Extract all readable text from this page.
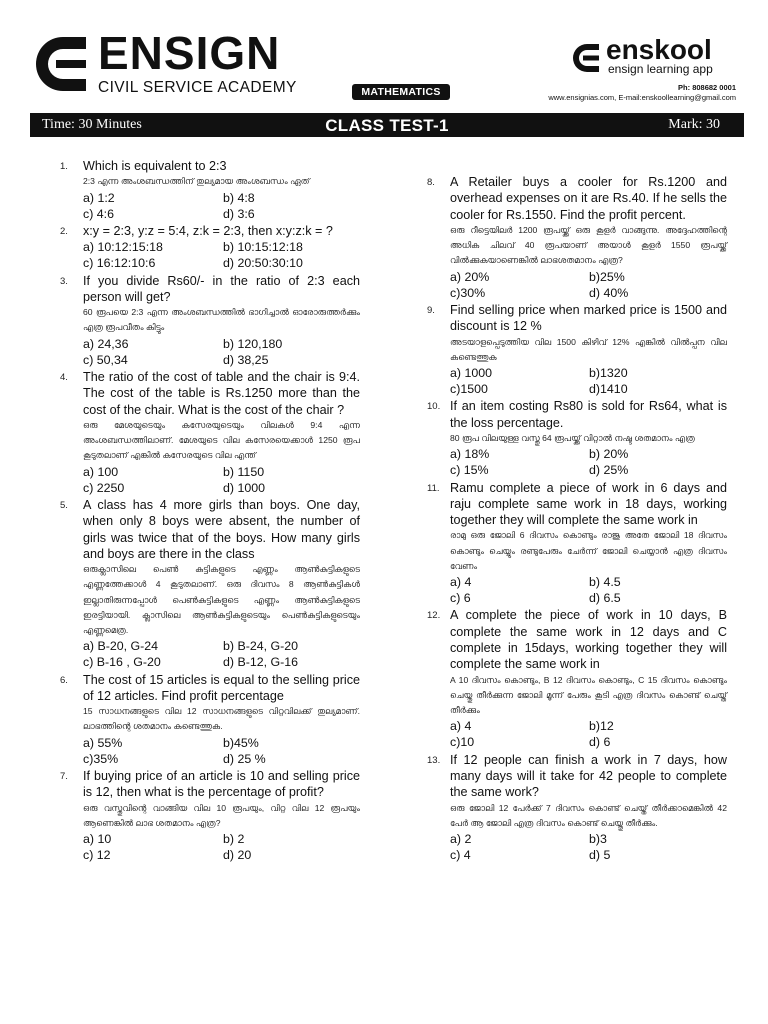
ENSIGN
CIVIL SERVICE ACADEMY	MATHEMATICS
enskool
ensign learning app
Ph: 808682 0001
www.ensignias.com, E-mail:enskoollearning@gmail.com
Time: 30 Minutes	CLASS TEST-1	Mark: 30
1. Which is equivalent to 2:3
2:3 എന്ന അംശബന്ധത്തിന് തുല്യമായ അംശബന്ധം ഏത്
a) 1:2	b) 4:8
c) 4:6	d) 3:6
2. x:y = 2:3, y:z = 5:4, z:k = 2:3, then x:y:z:k = ?
a) 10:12:15:18	b) 10:15:12:18
c) 16:12:10:6	d) 20:50:30:10
3. If you divide Rs60/- in the ratio of 2:3 each person will get?
60 രൂപയെ 2:3 എന്ന അംശബന്ധത്തിൽ ഭാഗിച്ചാൽ ഓരോരുത്തർക്കും എത്ര രൂപവീതം കിട്ടും
a) 24,36	b) 120,180
c) 50,34	d) 38,25
4. The ratio of the cost of table and the chair is 9:4. The cost of the table is Rs.1250 more than the cost of the chair. What is the cost of the chair ?
ഒരു മേശയുടെയും കസേരയുടെയും വിലകൾ 9:4 എന്ന അംശബന്ധത്തിലാണ്. മേശയുടെ വില കസേരയെക്കാൾ 1250 രൂപ കൂടുതലാണ് എങ്കിൽ കസേരയുടെ വില എന്ത്
a) 100	b) 1150
c) 2250	d) 1000
5. A class has 4 more girls than boys. One day, when only 8 boys were absent, the number of girls was twice that of the boys. How many girls and boys are there in the class
ഒരുക്ലാസിലെ പെൺ കുട്ടികളുടെ എണ്ണം ആൺകുട്ടികളുടെ എണ്ണത്തേക്കാൾ 4 കൂടുതലാണ്. ഒരു ദിവസം 8 ആൺകുട്ടികൾ ഇല്ലാതിരുന്നപ്പോൾ പെൺകുട്ടികളുടെ എണ്ണം ആൺകുട്ടികളുടെ ഇരട്ടിയായി. ക്ലാസിലെ ആൺകുട്ടികളുടെയും പെൺകുട്ടികളുടെയും എണ്ണമെത്ര.
a) B-20, G-24	b) B-24, G-20
c) B-16 , G-20	d) B-12, G-16
6. The cost of 15 articles is equal to the selling price of 12 articles. Find profit percentage
15 സാധനങ്ങളുടെ വില 12 സാധനങ്ങളുടെ വിറ്റവിലക്ക് തുല്യമാണ്. ലാഭത്തിന്റെ ശതമാനം കണ്ടെത്തുക.
a) 55%	b)45%
c)35%	d) 25 %
7. If buying price of an article is 10 and selling price is 12, then what is the percentage of profit?
ഒരു വസ്തുവിന്റെ വാങ്ങിയ വില 10 രൂപയും, വിറ്റ വില 12 രൂപയും ആണെങ്കിൽ ലാഭ ശതമാനം എത്ര?
a) 10	b) 2
c) 12	d) 20
8. A Retailer buys a cooler for Rs.1200 and overhead expenses on it are Rs.40. If he sells the cooler for Rs.1550. Find the profit percent.
ഒരു റീട്ടെയിലർ 1200 രൂപയ്ക്ക് ഒരു കൂളർ വാങ്ങുന്നു. അദ്ദേഹത്തിന്റെ അധിക ചിലവ് 40 രൂപയാണ് അയാൾ കൂളർ 1550 രൂപയ്ക്ക് വിൽക്കുകയാണെങ്കിൽ ലാഭശതമാനം എത്ര?
a) 20%	b)25%
c)30%	d) 40%
9. Find selling price when marked price is 1500 and discount is 12 %
അടയാളപ്പെടുത്തിയ വില 1500 കിഴിവ് 12% എങ്കിൽ വിൽപ്പന വില കണ്ടെത്തുക
a) 1000	b)1320
c)1500	d)1410
10. If an item costing Rs80 is sold for Rs64, what is the loss percentage.
80 രൂപ വിലയുള്ള വസ്തു 64 രൂപയ്ക്ക് വിറ്റാൽ നഷ്ട ശതമാനം എത്ര
a) 18%	b) 20%
c) 15%	d) 25%
11. Ramu complete a piece of work in 6 days and raju complete same work in 18 days, working together they will complete the same work in
രാമു ഒരു ജോലി 6 ദിവസം കൊണ്ടും രാജു അതേ ജോലി 18 ദിവസം കൊണ്ടും ചെയ്യും രണ്ടുപേരും ചേർന്ന് ജോലി ചെയ്യാൻ എത്ര ദിവസം വേണം
a) 4	b) 4.5
c) 6	d) 6.5
12. A complete the piece of work in 10 days, B complete the same work in 12 days and C complete in 15days, working together they will complete the same work in
A 10 ദിവസം കൊണ്ടും, B 12 ദിവസം കൊണ്ടും, C 15 ദിവസം കൊണ്ടും ചെയ്തു തീർക്കുന്ന ജോലി മൂന്ന് പേരും കൂടി എത്ര ദിവസം കൊണ്ട് ചെയ്ത് തീർക്കും
a) 4	b)12
c)10	d) 6
13. If 12 people can finish a work in 7 days, how many days will it take for 42 people to complete the same work?
ഒരു ജോലി 12 പേർക്ക് 7 ദിവസം കൊണ്ട് ചെയ്ത് തീർക്കാമെങ്കിൽ 42 പേർ ആ ജോലി എത്ര ദിവസം കൊണ്ട് ചെയ്തു തീർക്കും.
a) 2	b)3
c) 4	d) 5
